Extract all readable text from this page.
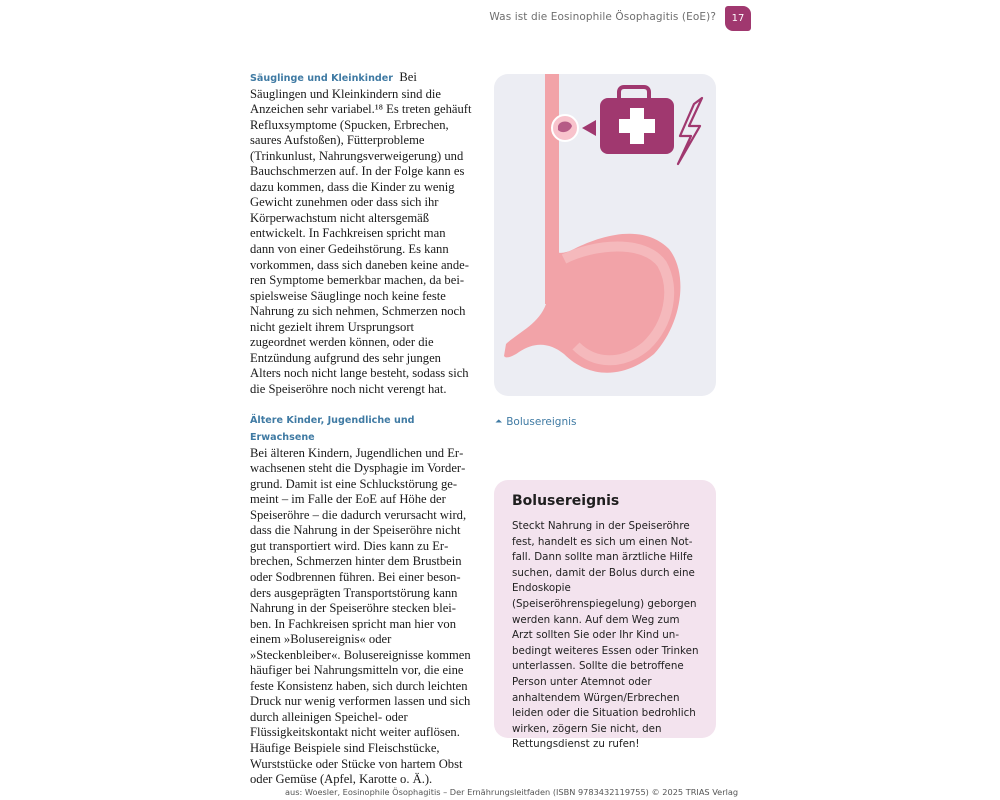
Was ist die Eosinophile Ösophagitis (EoE)?	17

Säuglinge und Kleinkinder Bei Säuglingen und Kleinkindern sind die Anzeichen sehr variabel.¹⁸ Es treten gehäuft Refluxsymptome (Spucken, Erbrechen, saures Aufstoßen), Fütterprobleme (Trinkunlust, Nahrungsverweigerung) und Bauchschmerzen auf. In der Folge kann es dazu kommen, dass die Kinder zu wenig Gewicht zunehmen oder dass sich ihr Körperwachstum nicht altersgemäß entwickelt. In Fachkreisen spricht man dann von einer Gedeihstörung. Es kann vorkommen, dass sich daneben keine anderen Symptome bemerkbar machen, da beispielsweise Säuglinge noch keine feste Nahrung zu sich nehmen, Schmerzen noch nicht gezielt ihrem Ursprungsort zugeordnet werden können, oder die Entzündung aufgrund des sehr jungen Alters noch nicht lange besteht, sodass sich die Speiseröhre noch nicht verengt hat.

Ältere Kinder, Jugendliche und Erwachsene
Bei älteren Kindern, Jugendlichen und Erwachsenen steht die Dysphagie im Vordergrund. Damit ist eine Schluckstörung gemeint – im Falle der EoE auf Höhe der Speiseröhre – die dadurch verursacht wird, dass die Nahrung in der Speiseröhre nicht gut transportiert wird. Dies kann zu Erbrechen, Schmerzen hinter dem Brustbein oder Sodbrennen führen. Bei einer besonders ausgeprägten Transportstörung kann Nahrung in der Speiseröhre stecken bleiben. In Fachkreisen spricht man hier von einem »Bolusereignis« oder »Steckenbleiber«. Bolusereignisse kommen häufiger bei Nahrungsmitteln vor, die eine feste Konsistenz haben, sich durch leichten Druck nur wenig verformen lassen und sich durch alleinigen Speichel- oder Flüssigkeitskontakt nicht weiter auflösen. Häufige Beispiele sind Fleischstücke, Wurststücke oder Stücke von hartem Obst oder Gemüse (Apfel, Karotte o. Ä.).

⏶ Bolusereignis

Bolusereignis

Steckt Nahrung in der Speiseröhre fest, handelt es sich um einen Notfall. Dann sollte man ärztliche Hilfe suchen, damit der Bolus durch eine Endoskopie (Speiseröhrenspiegelung) geborgen werden kann. Auf dem Weg zum Arzt sollten Sie oder Ihr Kind unbedingt weiteres Essen oder Trinken unterlassen. Sollte die betroffene Person unter Atemnot oder anhaltendem Würgen/Erbrechen leiden oder die Situation bedrohlich wirken, zögern Sie nicht, den Rettungsdienst zu rufen!

aus: Woesler, Eosinophile Ösophagitis – Der Ernährungsleitfaden (ISBN 9783432119755) © 2025 TRIAS Verlag
